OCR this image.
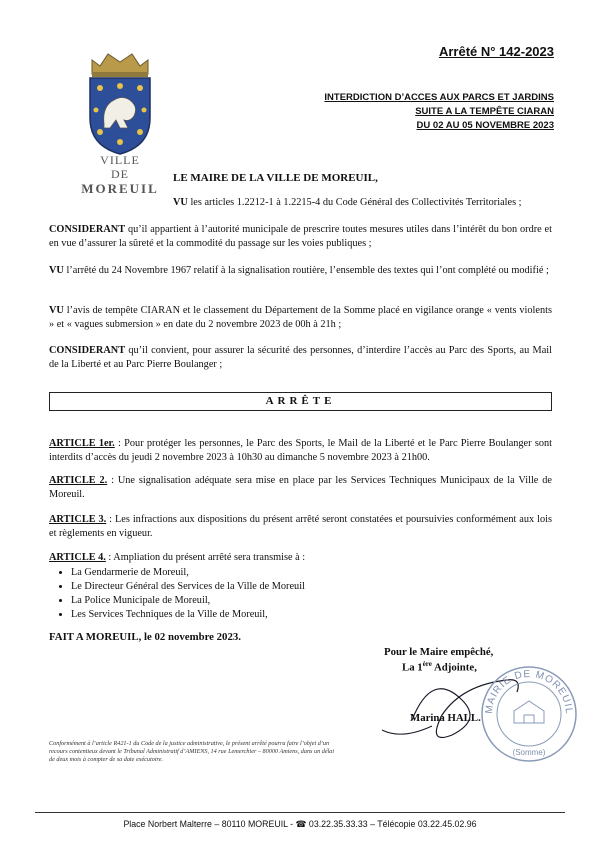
VILLE
DE
MOREUIL
Arrêté N° 142-2023
INTERDICTION D’ACCES AUX PARCS ET JARDINS
SUITE A LA TEMPÊTE CIARAN
DU 02 AU 05 NOVEMBRE 2023
LE MAIRE DE LA VILLE DE MOREUIL,
VU les articles 1.2212-1 à 1.2215-4 du Code Général des Collectivités Territoriales ;
CONSIDERANT qu’il appartient à l’autorité municipale de prescrire toutes mesures utiles dans l’intérêt du bon ordre et en vue d’assurer la sûreté et la commodité du passage sur les voies publiques ;
VU l’arrêté du 24 Novembre 1967 relatif à la signalisation routière, l’ensemble des textes qui l’ont complété ou modifié ;
VU l’avis de tempête CIARAN et le classement du Département de la Somme placé en vigilance orange « vents violents » et « vagues submersion » en date du 2 novembre 2023 de 00h à 21h ;
CONSIDERANT qu’il convient, pour assurer la sécurité des personnes, d’interdire l’accès au Parc des Sports, au Mail de la Liberté et au Parc Pierre Boulanger ;
ARRÊTE
ARTICLE 1er. : Pour protéger les personnes, le Parc des Sports, le Mail de la Liberté et le Parc Pierre Boulanger sont interdits d’accès du jeudi 2 novembre 2023 à 10h30 au dimanche 5 novembre 2023 à 21h00.
ARTICLE 2. : Une signalisation adéquate sera mise en place par les Services Techniques Municipaux de la Ville de Moreuil.
ARTICLE 3. : Les infractions aux dispositions du présent arrêté seront constatées et poursuivies conformément aux lois et règlements en vigueur.
ARTICLE 4. : Ampliation du présent arrêté sera transmise à :
• La Gendarmerie de Moreuil,
• Le Directeur Général des Services de la Ville de Moreuil
• La Police Municipale de Moreuil,
• Les Services Techniques de la Ville de Moreuil,
FAIT A MOREUIL, le 02 novembre 2023.
Pour le Maire empêché,
La 1ère Adjointe,
MAIRIE DE MOREUIL
(Somme)
Marina HALL.
Conformément à l’article R421-1 du Code de la justice administrative, le présent arrêté pourra faire l’objet d’un recours contentieux devant le Tribunal Administratif d’AMIENS, 14 rue Lemerchier – 80000 Amiens, dans un délai de deux mois à compter de sa date exécutoire.
Place Norbert Malterre – 80110 MOREUIL - ☎ 03.22.35.33.33 – Télécopie 03.22.45.02.96
